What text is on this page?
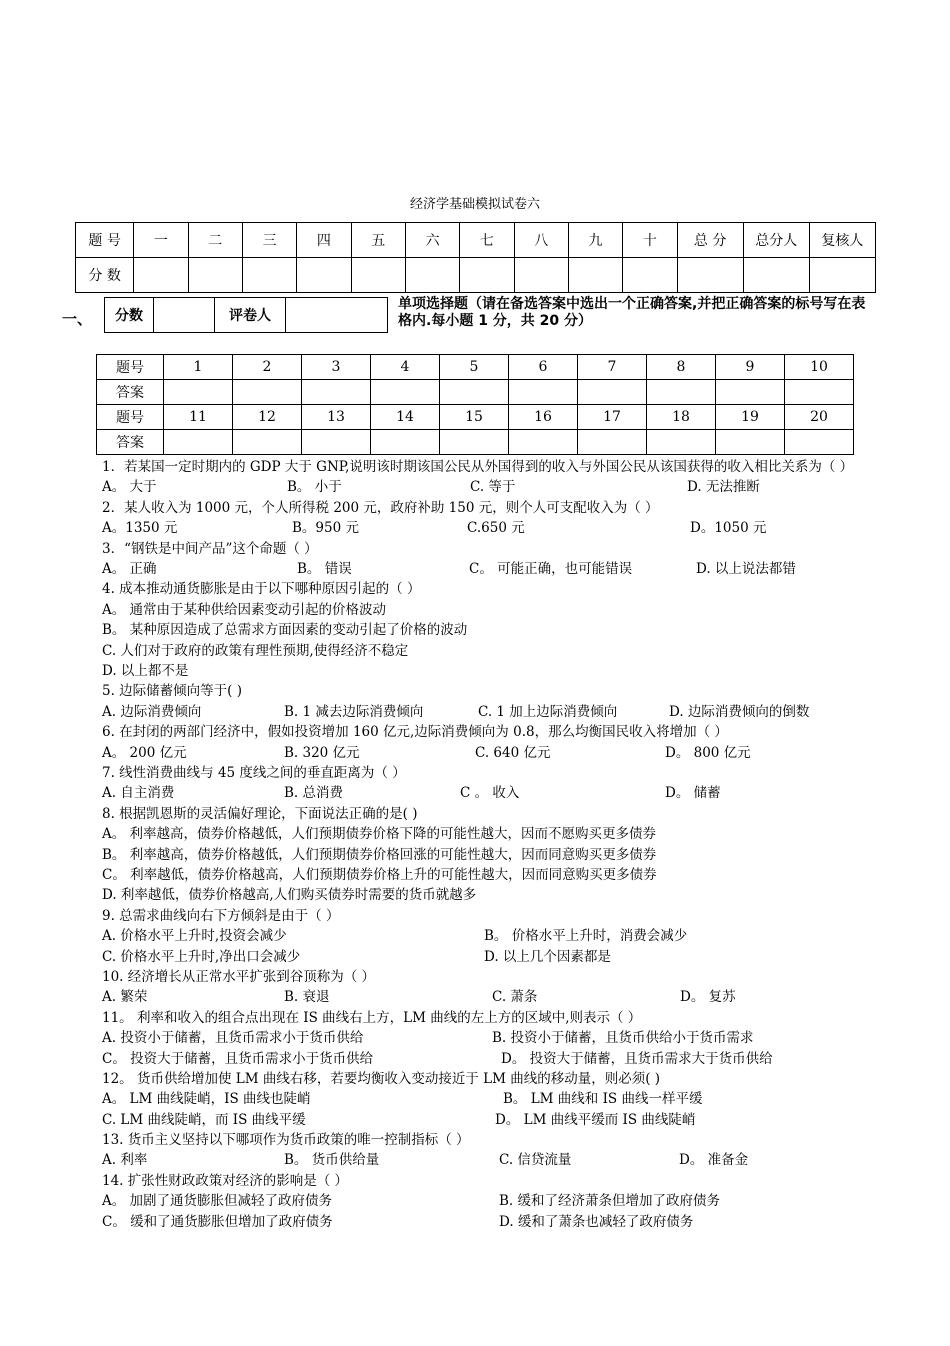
经济学基础模拟试卷六
题 号	一	二	三	四	五	六	七	八	九	十	总 分	总分人	复核人
分 数													
一、 分数		评卷人	
单项选择题（请在备选答案中选出一个正确答案,并把正确答案的标号写在表格内.每小题 1 分，共 20 分）
题号	1	2	3	4	5	6	7	8	9	10
答案										
题号	11	12	13	14	15	16	17	18	19	20
答案										
1．若某国一定时期内的 GDP 大于 GNP,说明该时期该国公民从外国得到的收入与外国公民从该国获得的收入相比关系为（ ）
A。 大于	B。 小于	C. 等于	D. 无法推断
2．某人收入为 1000 元，个人所得税 200 元，政府补助 150 元，则个人可支配收入为（ ）
A。1350 元	B。950 元	C.650 元	D。1050 元
3．“钢铁是中间产品”这个命题（ ）
A。 正确	B。 错误	C。 可能正确，也可能错误	D. 以上说法都错
4. 成本推动通货膨胀是由于以下哪种原因引起的（ ）
A。 通常由于某种供给因素变动引起的价格波动
B。 某种原因造成了总需求方面因素的变动引起了价格的波动
C. 人们对于政府的政策有理性预期,使得经济不稳定
D. 以上都不是
5. 边际储蓄倾向等于( )
A. 边际消费倾向	B. 1 减去边际消费倾向	C. 1 加上边际消费倾向	D. 边际消费倾向的倒数
6. 在封闭的两部门经济中，假如投资增加 160 亿元,边际消费倾向为 0.8，那么均衡国民收入将增加（ ）
A。 200 亿元	B. 320 亿元	C. 640 亿元	D。 800 亿元
7. 线性消费曲线与 45 度线之间的垂直距离为（ ）
A. 自主消费	B. 总消费	C 。 收入	D。 储蓄
8. 根据凯恩斯的灵活偏好理论，下面说法正确的是( )
A。 利率越高，债券价格越低，人们预期债券价格下降的可能性越大，因而不愿购买更多债券
B。 利率越高，债券价格越低，人们预期债券价格回涨的可能性越大，因而同意购买更多债券
C。 利率越低，债券价格越高，人们预期债券价格上升的可能性越大，因而同意购买更多债券
D. 利率越低，债券价格越高,人们购买债券时需要的货币就越多
9. 总需求曲线向右下方倾斜是由于（ ）
A. 价格水平上升时,投资会减少	B。 价格水平上升时，消费会减少
C. 价格水平上升时,净出口会减少	D. 以上几个因素都是
10. 经济增长从正常水平扩张到谷顶称为（ ）
A. 繁荣	B. 衰退	C. 萧条	D。 复苏
11。 利率和收入的组合点出现在 IS 曲线右上方，LM 曲线的左上方的区域中,则表示（ ）
A. 投资小于储蓄，且货币需求小于货币供给	B. 投资小于储蓄，且货币供给小于货币需求
C。 投资大于储蓄，且货币需求小于货币供给	D。 投资大于储蓄，且货币需求大于货币供给
12。 货币供给增加使 LM 曲线右移，若要均衡收入变动接近于 LM 曲线的移动量，则必须( )
A。 LM 曲线陡峭，IS 曲线也陡峭	B。 LM 曲线和 IS 曲线一样平缓
C. LM 曲线陡峭，而 IS 曲线平缓	D。 LM 曲线平缓而 IS 曲线陡峭
13. 货币主义坚持以下哪项作为货币政策的唯一控制指标（ ）
A. 利率	B。 货币供给量	C. 信贷流量	D。 准备金
14. 扩张性财政政策对经济的影响是（ ）
A。 加剧了通货膨胀但减轻了政府债务	B. 缓和了经济萧条但增加了政府债务
C。 缓和了通货膨胀但增加了政府债务	D. 缓和了萧条也减轻了政府债务
